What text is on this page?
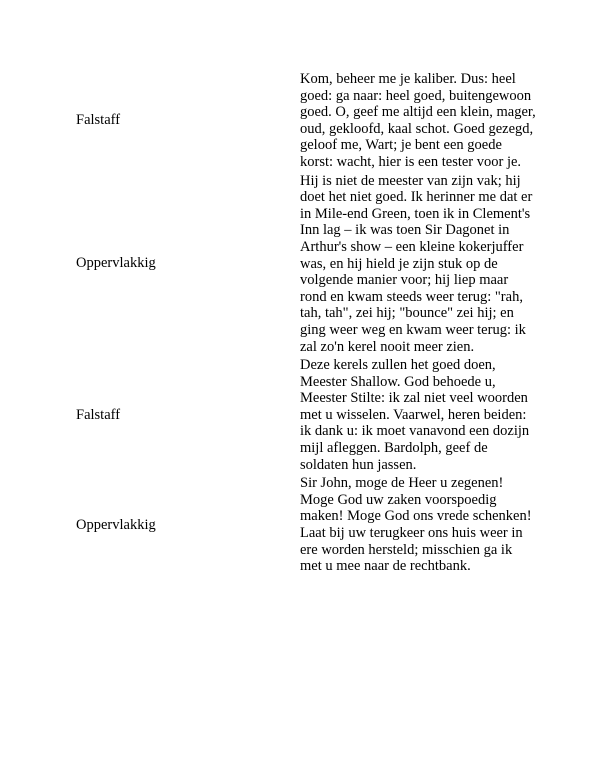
Falstaff
Kom, beheer me je kaliber. Dus: heel goed: ga naar: heel goed, buitengewoon goed. O, geef me altijd een klein, mager, oud, gekloofd, kaal schot. Goed gezegd, geloof me, Wart; je bent een goede korst: wacht, hier is een tester voor je.
Oppervlakkig
Hij is niet de meester van zijn vak; hij doet het niet goed. Ik herinner me dat er in Mile-end Green, toen ik in Clement's Inn lag – ik was toen Sir Dagonet in Arthur's show – een kleine kokerjuffer was, en hij hield je zijn stuk op de volgende manier voor; hij liep maar rond en kwam steeds weer terug: "rah, tah, tah", zei hij; "bounce" zei hij; en ging weer weg en kwam weer terug: ik zal zo'n kerel nooit meer zien.
Falstaff
Deze kerels zullen het goed doen, Meester Shallow. God behoede u, Meester Stilte: ik zal niet veel woorden met u wisselen. Vaarwel, heren beiden: ik dank u: ik moet vanavond een dozijn mijl afleggen. Bardolph, geef de soldaten hun jassen.
Oppervlakkig
Sir John, moge de Heer u zegenen! Moge God uw zaken voorspoedig maken! Moge God ons vrede schenken! Laat bij uw terugkeer ons huis weer in ere worden hersteld; misschien ga ik met u mee naar de rechtbank.
